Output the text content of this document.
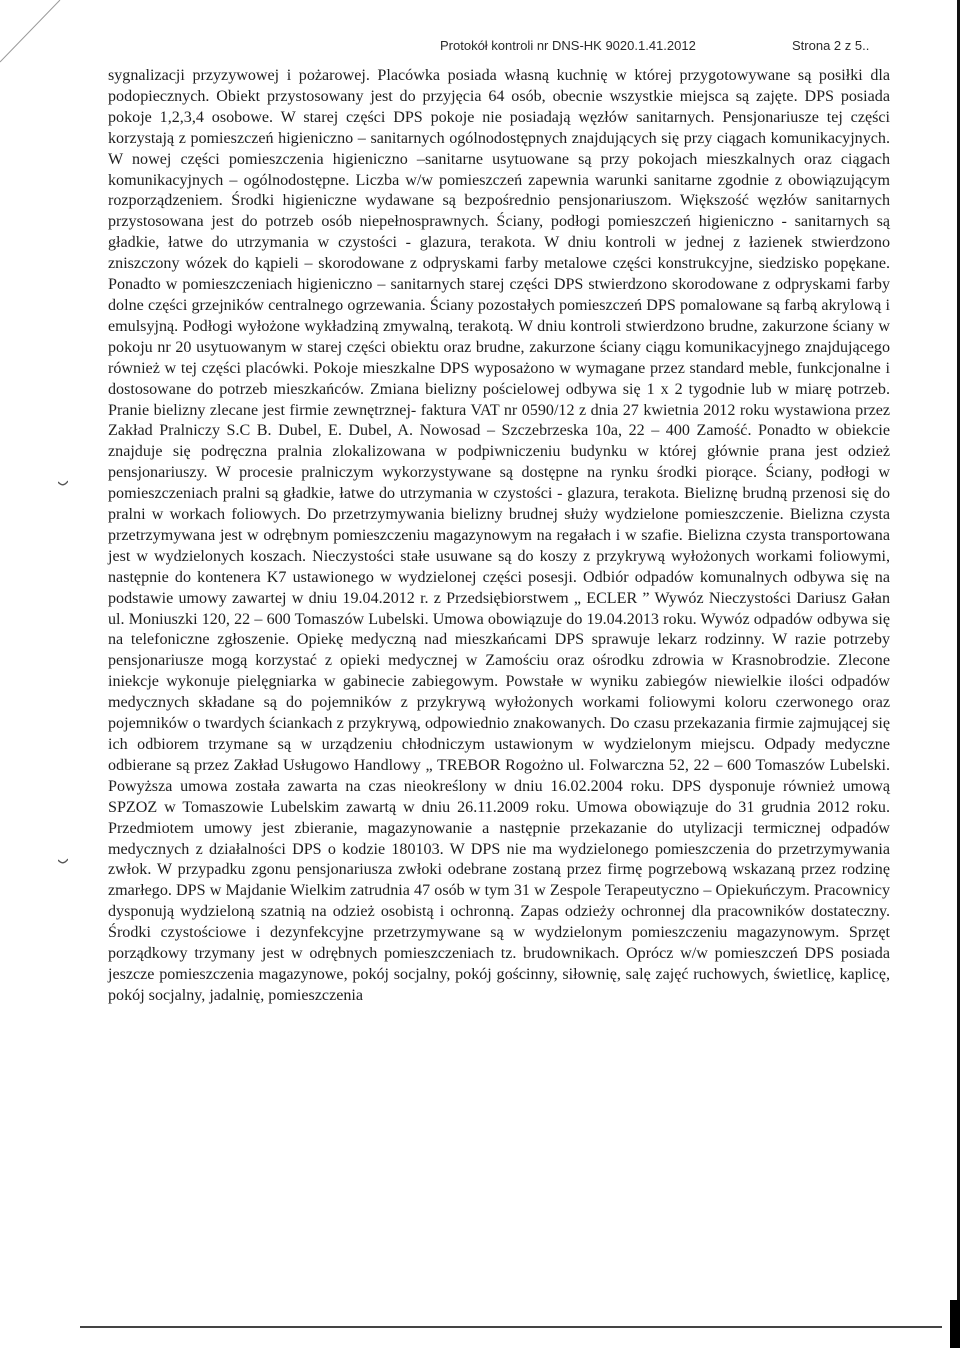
Protokół kontroli nr DNS-HK 9020.1.41.2012	Strona 2 z 5..
sygnalizacji przyzywowej i pożarowej. Placówka posiada własną kuchnię w której przygotowywane są posiłki dla podopiecznych. Obiekt przystosowany jest do przyjęcia 64 osób, obecnie wszystkie miejsca są zajęte. DPS posiada pokoje 1,2,3,4 osobowe. W starej części DPS pokoje nie posiadają węzłów sanitarnych. Pensjonariusze tej części korzystają z pomieszczeń higieniczno – sanitarnych ogólnodostępnych znajdujących się przy ciągach komunikacyjnych. W nowej części pomieszczenia higieniczno –sanitarne usytuowane są przy pokojach mieszkalnych oraz ciągach komunikacyjnych – ogólnodostępne. Liczba w/w pomieszczeń zapewnia warunki sanitarne zgodnie z obowiązującym rozporządzeniem. Środki higieniczne wydawane są bezpośrednio pensjonariuszom. Większość węzłów sanitarnych przystosowana jest do potrzeb osób niepełnosprawnych. Ściany, podłogi pomieszczeń higieniczno - sanitarnych są gładkie, łatwe do utrzymania w czystości - glazura, terakota. W dniu kontroli w jednej z łazienek stwierdzono zniszczony wózek do kąpieli – skorodowane z odpryskami farby metalowe części konstrukcyjne, siedzisko popękane. Ponadto w pomieszczeniach higieniczno – sanitarnych starej części DPS stwierdzono skorodowane z odpryskami farby dolne części grzejników centralnego ogrzewania. Ściany pozostałych pomieszczeń DPS pomalowane są farbą akrylową i emulsyjną. Podłogi wyłożone wykładziną zmywalną, terakotą. W dniu kontroli stwierdzono brudne, zakurzone ściany w pokoju nr 20 usytuowanym w starej części obiektu oraz brudne, zakurzone ściany ciągu komunikacyjnego znajdującego również w tej części placówki. Pokoje mieszkalne DPS wyposażono w wymagane przez standard meble, funkcjonalne i dostosowane do potrzeb mieszkańców. Zmiana bielizny pościelowej odbywa się 1 x 2 tygodnie lub w miarę potrzeb. Pranie bielizny zlecane jest firmie zewnętrznej- faktura VAT nr 0590/12 z dnia 27 kwietnia 2012 roku wystawiona przez Zakład Pralniczy S.C B. Dubel, E. Dubel, A. Nowosad – Szczebrzeska 10a, 22 – 400 Zamość. Ponadto w obiekcie znajduje się podręczna pralnia zlokalizowana w podpiwniczeniu budynku w której głównie prana jest odzież pensjonariuszy. W procesie pralniczym wykorzystywane są dostępne na rynku środki piorące. Ściany, podłogi w pomieszczeniach pralni są gładkie, łatwe do utrzymania w czystości - glazura, terakota. Bieliznę brudną przenosi się do pralni w workach foliowych. Do przetrzymywania bielizny brudnej służy wydzielone pomieszczenie. Bielizna czysta przetrzymywana jest w odrębnym pomieszczeniu magazynowym na regałach i w szafie. Bielizna czysta transportowana jest w wydzielonych koszach. Nieczystości stałe usuwane są do koszy z przykrywą wyłożonych workami foliowymi, następnie do kontenera K7 ustawionego w wydzielonej części posesji. Odbiór odpadów komunalnych odbywa się na podstawie umowy zawartej w dniu 19.04.2012 r. z Przedsiębiorstwem „ ECLER ” Wywóz Nieczystości Dariusz Gałan ul. Moniuszki 120, 22 – 600 Tomaszów Lubelski. Umowa obowiązuje do 19.04.2013 roku. Wywóz odpadów odbywa się na telefoniczne zgłoszenie. Opiekę medyczną nad mieszkańcami DPS sprawuje lekarz rodzinny. W razie potrzeby pensjonariusze mogą korzystać z opieki medycznej w Zamościu oraz ośrodku zdrowia w Krasnobrodzie. Zlecone iniekcje wykonuje pielęgniarka w gabinecie zabiegowym. Powstałe w wyniku zabiegów niewielkie ilości odpadów medycznych składane są do pojemników z przykrywą wyłożonych workami foliowymi koloru czerwonego oraz pojemników o twardych ściankach z przykrywą, odpowiednio znakowanych. Do czasu przekazania firmie zajmującej się ich odbiorem trzymane są w urządzeniu chłodniczym ustawionym w wydzielonym miejscu. Odpady medyczne odbierane są przez Zakład Usługowo Handlowy „ TREBOR Rogożno ul. Folwarczna 52, 22 – 600 Tomaszów Lubelski. Powyższa umowa została zawarta na czas nieokreślony w dniu 16.02.2004 roku. DPS dysponuje również umową SPZOZ w Tomaszowie Lubelskim zawartą w dniu 26.11.2009 roku. Umowa obowiązuje do 31 grudnia 2012 roku. Przedmiotem umowy jest zbieranie, magazynowanie a następnie przekazanie do utylizacji termicznej odpadów medycznych z działalności DPS o kodzie 180103. W DPS nie ma wydzielonego pomieszczenia do przetrzymywania zwłok. W przypadku zgonu pensjonariusza zwłoki odebrane zostaną przez firmę pogrzebową wskazaną przez rodzinę zmarłego. DPS w Majdanie Wielkim zatrudnia 47 osób w tym 31 w Zespole Terapeutyczno – Opiekuńczym. Pracownicy dysponują wydzieloną szatnią na odzież osobistą i ochronną. Zapas odzieży ochronnej dla pracowników dostateczny. Środki czystościowe i dezynfekcyjne przetrzymywane są w wydzielonym pomieszczeniu magazynowym. Sprzęt porządkowy trzymany jest w odrębnych pomieszczeniach tz. brudownikach. Oprócz w/w pomieszczeń DPS posiada jeszcze pomieszczenia magazynowe, pokój socjalny, pokój gościnny, siłownię, salę zajęć ruchowych, świetlicę, kaplicę, pokój socjalny, jadalnię, pomieszczenia
